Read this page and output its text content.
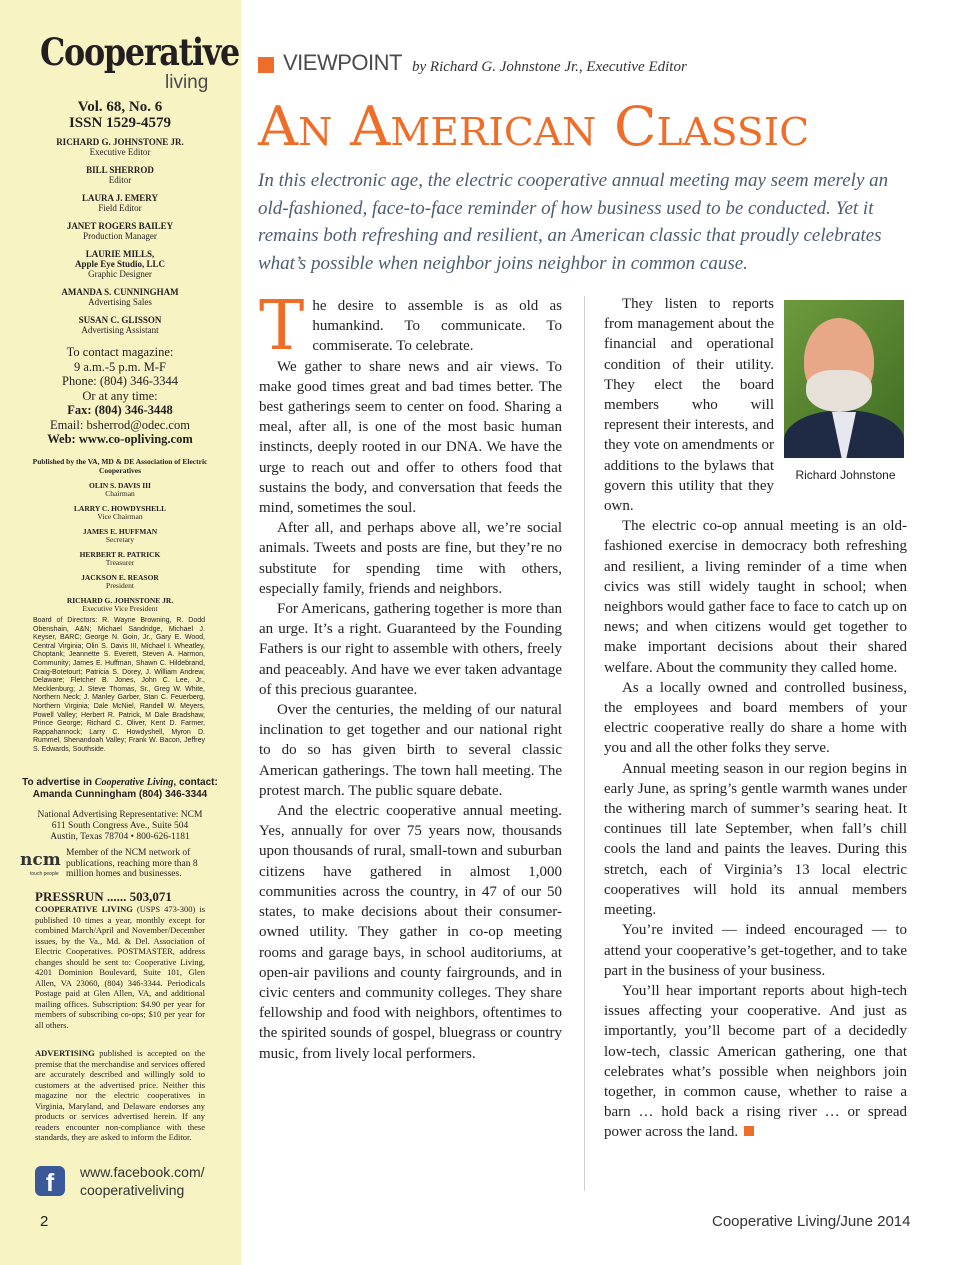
Cooperative
living
Vol. 68, No. 6
ISSN 1529-4579
RICHARD G. JOHNSTONE JR.
Executive Editor
BILL SHERROD
Editor
LAURA J. EMERY
Field Editor
JANET ROGERS BAILEY
Production Manager
LAURIE MILLS,
Apple Eye Studio, LLC
Graphic Designer
AMANDA S. CUNNINGHAM
Advertising Sales
SUSAN C. GLISSON
Advertising Assistant
To contact magazine:
9 a.m.-5 p.m. M-F
Phone: (804) 346-3344
Or at any time:
Fax: (804) 346-3448
Email: bsherrod@odec.com
Web: www.co-opliving.com
Published by the VA, MD & DE Association of Electric Cooperatives
OLIN S. DAVIS III
Chairman
LARRY C. HOWDYSHELL
Vice Chairman
JAMES E. HUFFMAN
Secretary
HERBERT R. PATRICK
Treasurer
JACKSON E. REASOR
President
RICHARD G. JOHNSTONE JR.
Executive Vice President
Board of Directors: R. Wayne Browning, R. Dodd Obenshain, A&N; Michael Sandridge, Michael J. Keyser, BARC; George N. Goin, Jr., Gary E. Wood, Central Virginia; Olin S. Davis III, Michael I. Wheatley, Choptank; Jeannette S. Everett, Steven A. Harmon, Community; James E. Huffman, Shawn C. Hildebrand, Craig-Botetourt; Patricia S. Dorey, J. William Andrew, Delaware; Fletcher B. Jones, John C. Lee, Jr., Mecklenburg; J. Steve Thomas, Sr., Greg W. White, Northern Neck; J. Manley Garber, Stan C. Feuerberg, Northern Virginia; Dale McNiel, Randell W. Meyers, Powell Valley; Herbert R. Patrick, M Dale Bradshaw, Prince George; Richard C. Oliver, Kent D. Farmer, Rappahannock; Larry C. Howdyshell, Myron D. Rummel, Shenandoah Valley; Frank W. Bacon, Jeffrey S. Edwards, Southside.
To advertise in Cooperative Living, contact:
Amanda Cunningham (804) 346-3344
National Advertising Representative: NCM
611 South Congress Ave., Suite 504
Austin, Texas 78704 • 800-626-1181
ncm
touch people
Member of the NCM network of publications, reaching more than 8 million homes and businesses.
PRESSRUN ...... 503,071
COOPERATIVE LIVING (USPS 473-300) is published 10 times a year, monthly except for combined March/April and November/December issues, by the Va., Md. & Del. Association of Electric Cooperatives. POSTMASTER, address changes should be sent to: Cooperative Living, 4201 Dominion Boulevard, Suite 101, Glen Allen, VA 23060, (804) 346-3344. Periodicals Postage paid at Glen Allen, VA, and additional mailing offices. Subscription: $4.90 per year for members of subscribing co-ops; $10 per year for all others.
ADVERTISING published is accepted on the premise that the merchandise and services offered are accurately described and willingly sold to customers at the advertised price. Neither this magazine nor the electric cooperatives in Virginia, Maryland, and Delaware endorses any products or services advertised herein. If any readers encounter non-compliance with these standards, they are asked to inform the Editor.
f	www.facebook.com/
cooperativeliving
2
VIEWPOINT by Richard G. Johnstone Jr., Executive Editor
An American Classic
In this electronic age, the electric cooperative annual meeting may seem merely an old-fashioned, face-to-face reminder of how business used to be conducted. Yet it remains both refreshing and resilient, an American classic that proudly celebrates what’s possible when neighbor joins neighbor in common cause.

The desire to assemble is as old as humankind. To communicate. To commiserate. To celebrate.

We gather to share news and air views. To make good times great and bad times better. The best gatherings seem to center on food. Sharing a meal, after all, is one of the most basic human instincts, deeply rooted in our DNA. We have the urge to reach out and offer to others food that sustains the body, and conversation that feeds the mind, sometimes the soul.

After all, and perhaps above all, we’re social animals. Tweets and posts are fine, but they’re no substitute for spending time with others, especially family, friends and neighbors.

For Americans, gathering together is more than an urge. It’s a right. Guaranteed by the Founding Fathers is our right to assemble with others, freely and peaceably. And have we ever taken advantage of this precious guarantee.

Over the centuries, the melding of our natural inclination to get together and our national right to do so has given birth to several classic American gatherings. The town hall meeting. The protest march. The public square debate.

And the electric cooperative annual meeting. Yes, annually for over 75 years now, thousands upon thousands of rural, small-town and suburban citizens have gathered in almost 1,000 communities across the country, in 47 of our 50 states, to make decisions about their consumer-owned utility. They gather in co-op meeting rooms and garage bays, in school auditoriums, at open-air pavilions and county fairgrounds, and in civic centers and community colleges. They share fellowship and food with neighbors, oftentimes to the spirited sounds of gospel, bluegrass or country music, from lively local performers.

Richard Johnstone

They listen to reports from management about the financial and operational condition of their utility. They elect the board members who will represent their interests, and they vote on amendments or additions to the bylaws that govern this utility that they own.

The electric co-op annual meeting is an old-fashioned exercise in democracy both refreshing and resilient, a living reminder of a time when civics was still widely taught in school; when neighbors would gather face to face to catch up on news; and when citizens would get together to make important decisions about their shared welfare. About the community they called home.

As a locally owned and controlled business, the employees and board members of your electric cooperative really do share a home with you and all the other folks they serve.

Annual meeting season in our region begins in early June, as spring’s gentle warmth wanes under the withering march of summer’s searing heat. It continues till late September, when fall’s chill cools the land and paints the leaves. During this stretch, each of Virginia’s 13 local electric cooperatives will hold its annual members meeting.

You’re invited — indeed encouraged — to attend your cooperative’s get-together, and to take part in the business of your business.

You’ll hear important reports about high-tech issues affecting your cooperative. And just as importantly, you’ll become part of a decidedly low-tech, classic American gathering, one that celebrates what’s possible when neighbors join together, in common cause, whether to raise a barn … hold back a rising river … or spread power across the land.

Cooperative Living/June 2014
